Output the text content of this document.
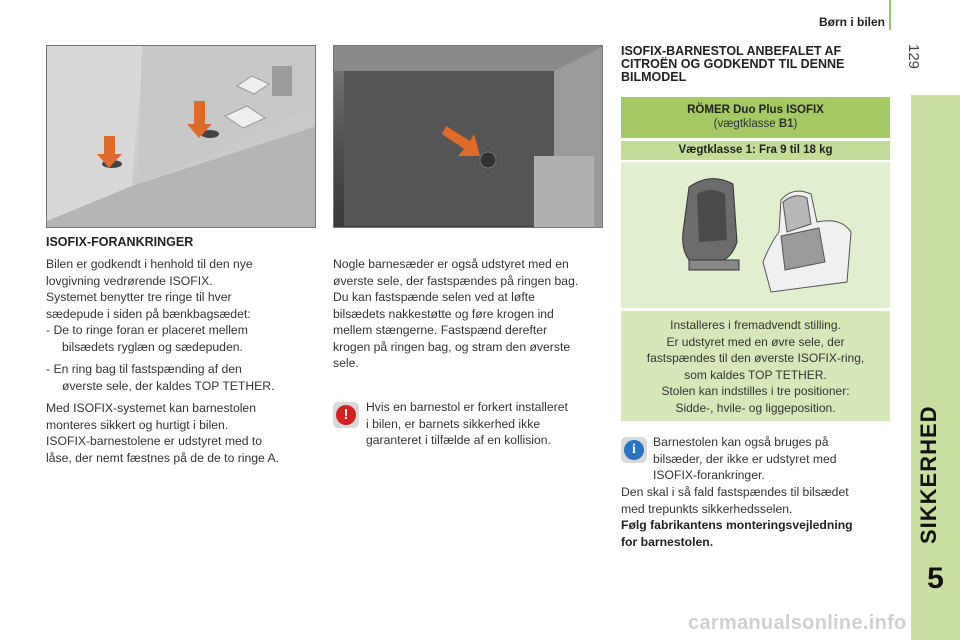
Børn i bilen
129
SIKKERHED
5
ISOFIX-FORANKRINGER
Bilen er godkendt i henhold til den nye
lovgivning vedrørende ISOFIX.
Systemet benytter tre ringe til hver
sædepude i siden på bænkbagsædet:
- De to ringe foran er placeret mellem
bilsædets ryglæn og sædepuden.
- En ring bag til fastspænding af den
øverste sele, der kaldes TOP TETHER.
Med ISOFIX-systemet kan barnestolen
monteres sikkert og hurtigt i bilen.
ISOFIX-barnestolene er udstyret med to
låse, der nemt fæstnes på de de to ringe A.
Nogle barnesæder er også udstyret med en
øverste sele, der fastspændes på ringen bag.
Du kan fastspænde selen ved at løfte
bilsædets nakkestøtte og føre krogen ind
mellem stængerne. Fastspænd derefter
krogen på ringen bag, og stram den øverste
sele.
!	Hvis en barnestol er forkert installeret
i bilen, er barnets sikkerhed ikke
garanteret i tilfælde af en kollision.
ISOFIX-BARNESTOL ANBEFALET AF
CITROËN OG GODKENDT TIL DENNE
BILMODEL
RÖMER Duo Plus ISOFIX
(vægtklasse B1)
Vægtklasse 1: Fra 9 til 18 kg
Installeres i fremadvendt stilling.
Er udstyret med en øvre sele, der
fastspændes til den øverste ISOFIX-ring,
som kaldes TOP TETHER.
Stolen kan indstilles i tre positioner:
Sidde-, hvile- og liggeposition.
i	Barnestolen kan også bruges på
bilsæder, der ikke er udstyret med
ISOFIX-forankringer.
Den skal i så fald fastspændes til bilsædet
med trepunkts sikkerhedsselen.
Følg fabrikantens monteringsvejledning
for barnestolen.
carmanualsonline.info
